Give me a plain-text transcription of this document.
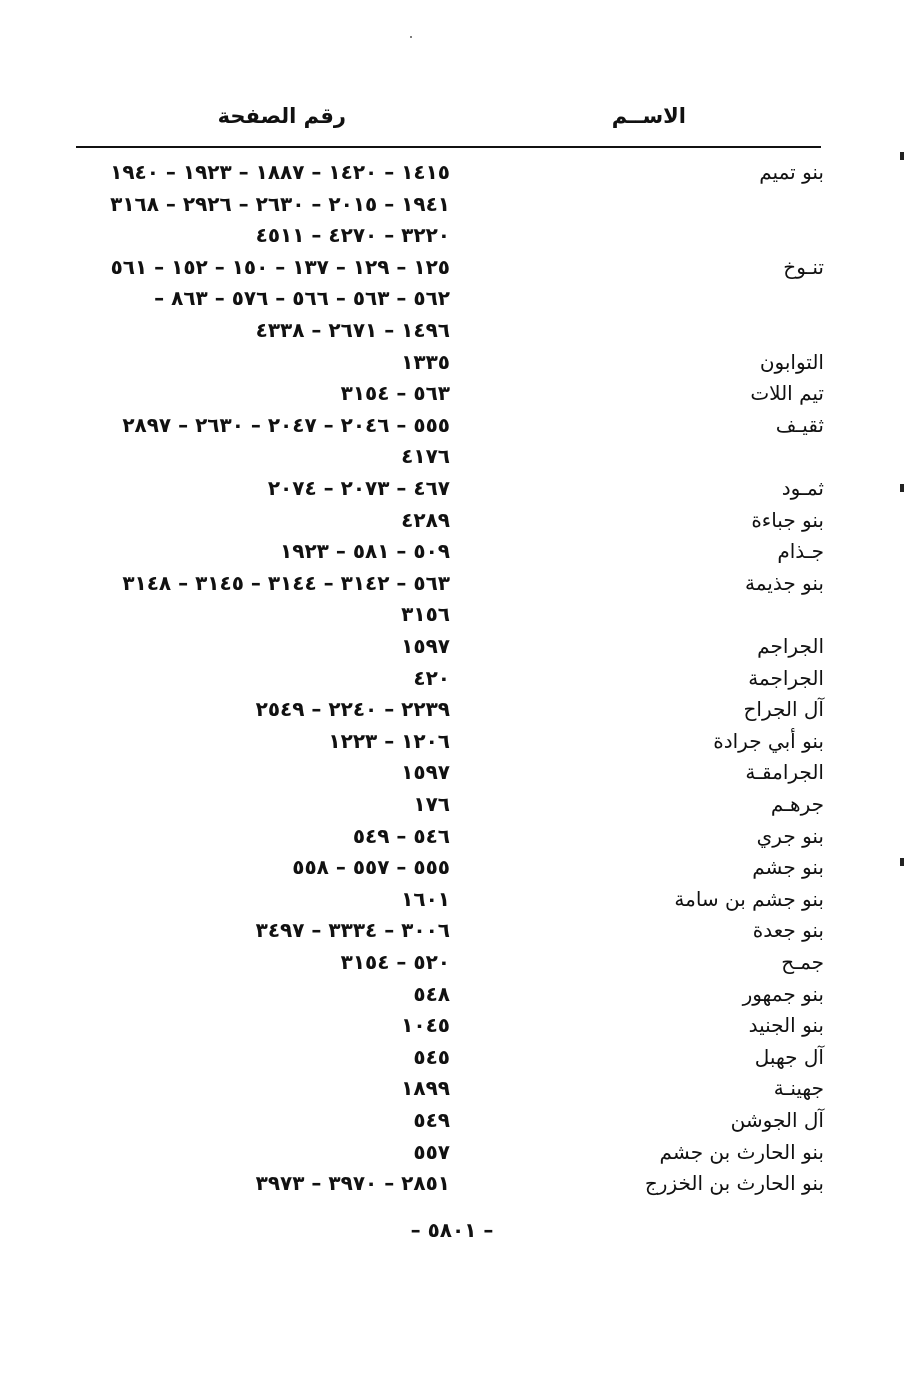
الاســم
رقم الصفحة
بنو تميم
١٤١٥ – ١٤٢٠ – ١٨٨٧ – ١٩٢٣ – ١٩٤٠
١٩٤١ – ٢٠١٥ – ٢٦٣٠ – ٢٩٢٦ – ٣١٦٨
٣٢٢٠ – ٤٢٧٠ – ٤٥١١
تنـوخ
١٢٥ – ١٢٩ – ١٣٧ – ١٥٠ – ١٥٢ – ٥٦١
٥٦٢ – ٥٦٣ – ٥٦٦ – ٥٧٦ – ٨٦٣ –
١٤٩٦ – ٢٦٧١ – ٤٣٣٨
التوابون
١٣٣٥
تيم اللات
٥٦٣ – ٣١٥٤
ثقيـف
٥٥٥ – ٢٠٤٦ – ٢٠٤٧ – ٢٦٣٠ – ٢٨٩٧
٤١٧٦
ثمـود
٤٦٧ – ٢٠٧٣ – ٢٠٧٤
بنو جباءة
٤٢٨٩
جـذام
٥٠٩ – ٥٨١ – ١٩٢٣
بنو جذيمة
٥٦٣ – ٣١٤٢ – ٣١٤٤ – ٣١٤٥ – ٣١٤٨
٣١٥٦
الجراجم
١٥٩٧
الجراجمة
٤٢٠
آل الجراح
٢٢٣٩ – ٢٢٤٠ – ٢٥٤٩
بنو أبي جرادة
١٢٠٦ – ١٢٢٣
الجرامقـة
١٥٩٧
جرهـم
١٧٦
بنو جري
٥٤٦ – ٥٤٩
بنو جشم
٥٥٥ – ٥٥٧ – ٥٥٨
بنو جشم بن سامة
١٦٠١
بنو جعدة
٣٠٠٦ – ٣٣٣٤ – ٣٤٩٧
جمـح
٥٢٠ – ٣١٥٤
بنو جمهور
٥٤٨
بنو الجنيد
١٠٤٥
آل جهبل
٥٤٥
جهينـة
١٨٩٩
آل الجوشن
٥٤٩
بنو الحارث بن جشم
٥٥٧
بنو الحارث بن الخزرج
٢٨٥١ – ٣٩٧٠ – ٣٩٧٣
– ٥٨٠١ –
